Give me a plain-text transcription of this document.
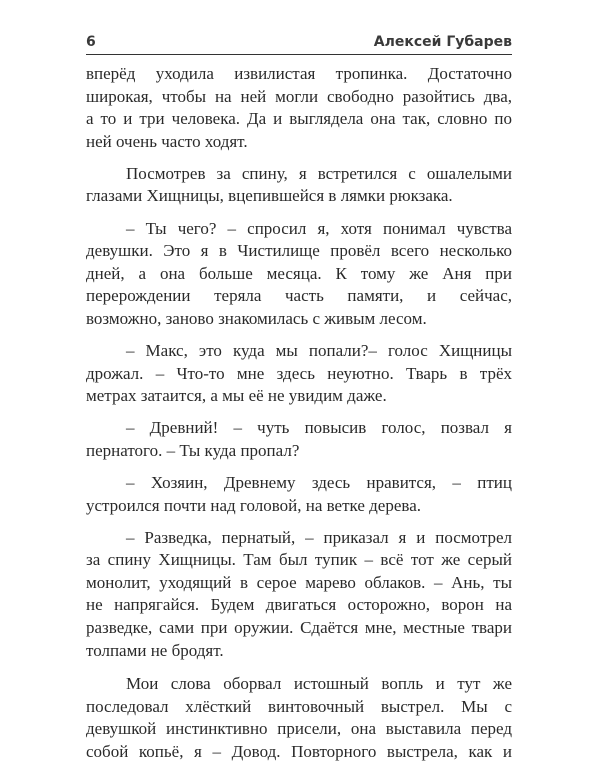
6	Алексей Губарев

вперёд уходила извилистая тропинка. Достаточно
широкая, чтобы на ней могли свободно разойтись два,
а то и три человека. Да и выглядела она так, словно по
ней очень часто ходят.

Посмотрев за спину, я встретился с ошалелыми
глазами Хищницы, вцепившейся в лямки рюкзака.

– Ты чего? – спросил я, хотя понимал чувства
девушки. Это я в Чистилище провёл всего несколько
дней, а она больше месяца. К тому же Аня при
перерождении теряла часть памяти, и сейчас,
возможно, заново знакомилась с живым лесом.

– Макс, это куда мы попали?– голос Хищницы
дрожал. – Что-то мне здесь неуютно. Тварь в трёх
метрах затаится, а мы её не увидим даже.

– Древний! – чуть повысив голос, позвал я
пернатого. – Ты куда пропал?

– Хозяин, Древнему здесь нравится, – птиц
устроился почти над головой, на ветке дерева.

– Разведка, пернатый, – приказал я и посмотрел
за спину Хищницы. Там был тупик – всё тот же серый
монолит, уходящий в серое марево облаков. – Ань, ты
не напрягайся. Будем двигаться осторожно, ворон на
разведке, сами при оружии. Сдаётся мне, местные твари
толпами не бродят.

Мои слова оборвал истошный вопль и тут же
последовал хлёсткий винтовочный выстрел. Мы с
девушкой инстинктивно присели, она выставила перед
собой копьё, я – Довод. Повторного выстрела, как и
